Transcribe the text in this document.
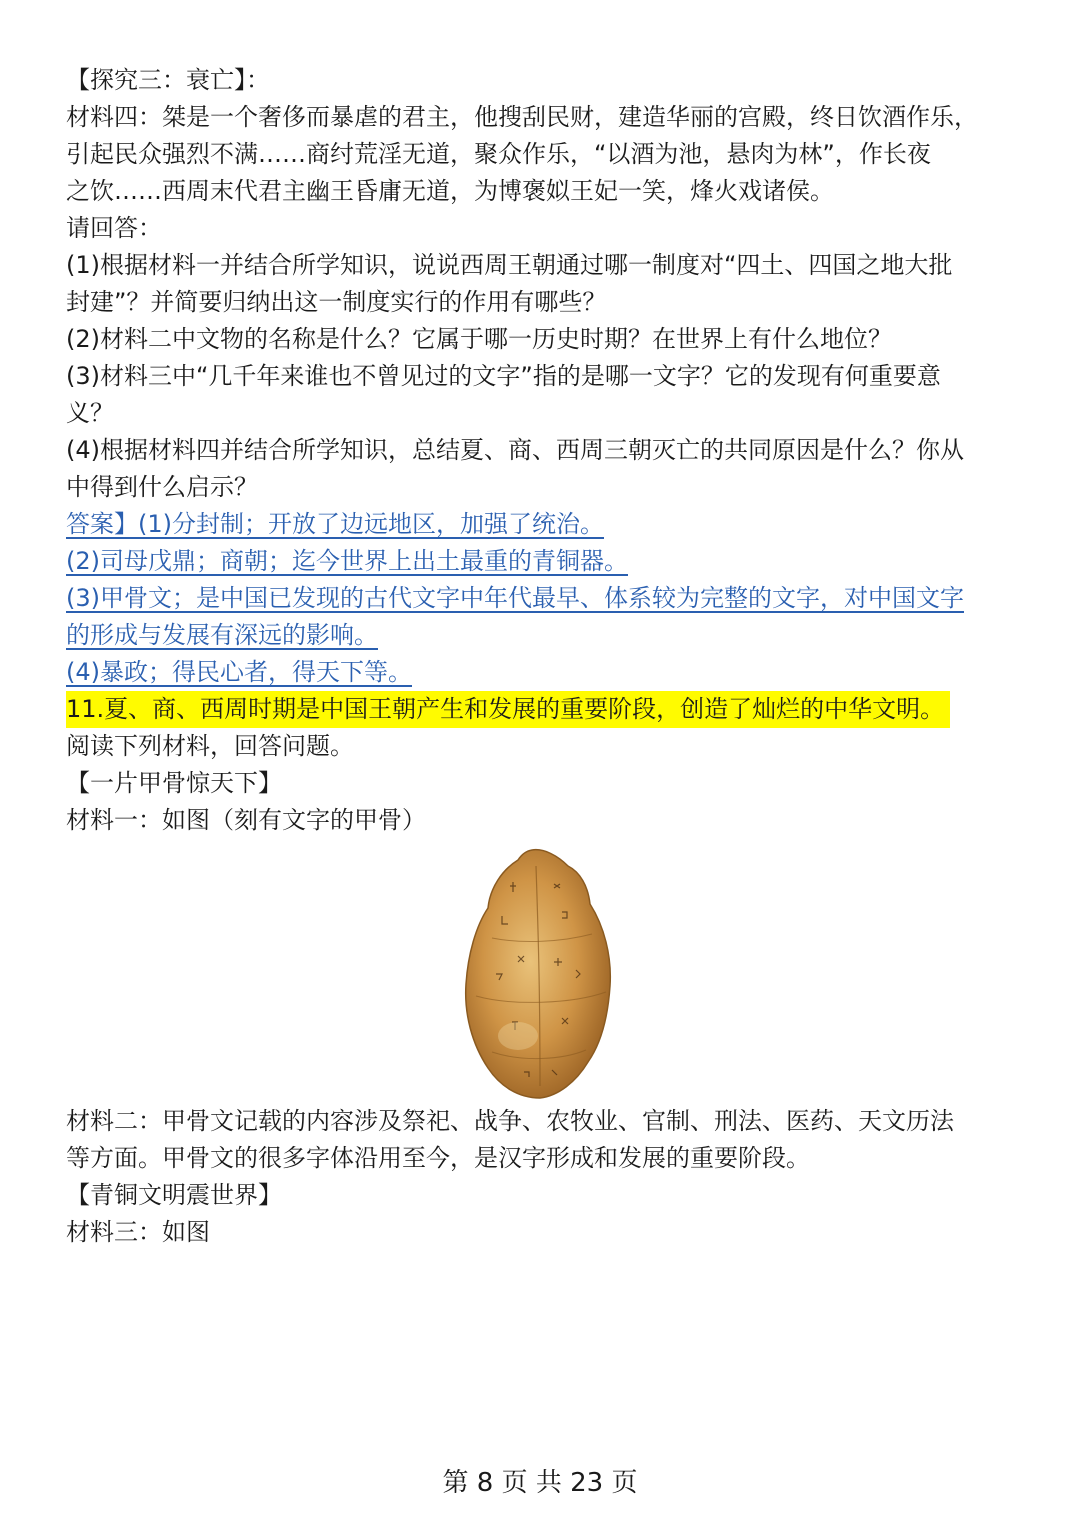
【探究三：衰亡】：

材料四：桀是一个奢侈而暴虐的君主，他搜刮民财，建造华丽的宫殿，终日饮酒作乐，

引起民众强烈不满……商纣荒淫无道，聚众作乐，“以酒为池，悬肉为林”，作长夜

之饮……西周末代君主幽王昏庸无道，为博褒姒王妃一笑，烽火戏诸侯。

请回答：

(1)根据材料一并结合所学知识，说说西周王朝通过哪一制度对“四土、四国之地大批

封建”？并简要归纳出这一制度实行的作用有哪些？

(2)材料二中文物的名称是什么？它属于哪一历史时期？在世界上有什么地位？

(3)材料三中“几千年来谁也不曾见过的文字”指的是哪一文字？它的发现有何重要意

义？

(4)根据材料四并结合所学知识，总结夏、商、西周三朝灭亡的共同原因是什么？你从

中得到什么启示？

答案】(1)分封制；开放了边远地区，加强了统治。

(2)司母戊鼎；商朝；迄今世界上出土最重的青铜器。

(3)甲骨文；是中国已发现的古代文字中年代最早、体系较为完整的文字，对中国文字

的形成与发展有深远的影响。

(4)暴政；得民心者，得天下等。

11.夏、商、西周时期是中国王朝产生和发展的重要阶段，创造了灿烂的中华文明。

阅读下列材料，回答问题。

【一片甲骨惊天下】

材料一：如图（刻有文字的甲骨）

材料二：甲骨文记载的内容涉及祭祀、战争、农牧业、官制、刑法、医药、天文历法

等方面。甲骨文的很多字体沿用至今，是汉字形成和发展的重要阶段。

【青铜文明震世界】

材料三：如图

第 8 页 共 23 页
